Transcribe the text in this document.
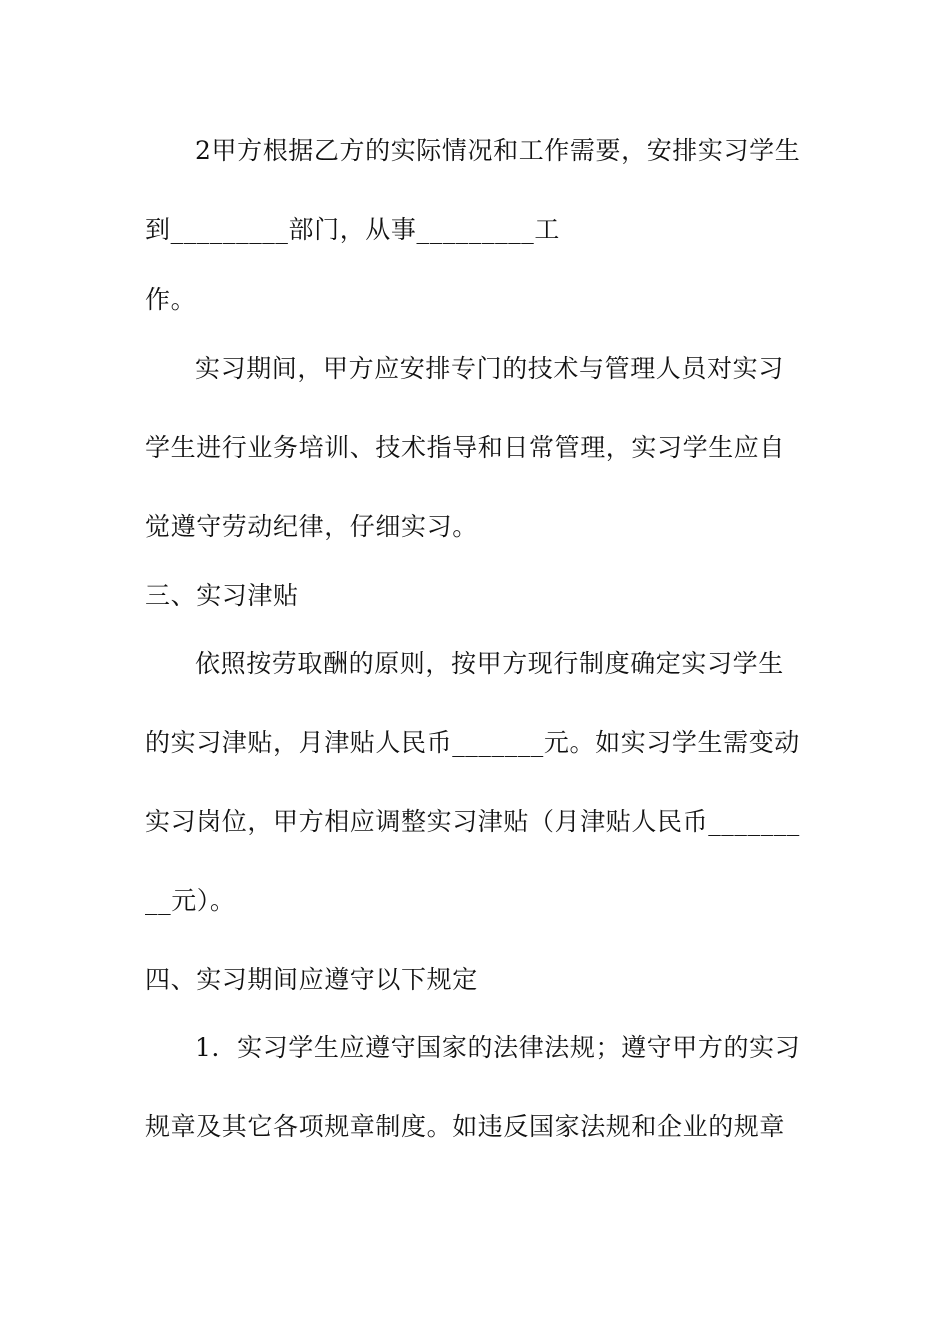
2甲方根据乙方的实际情况和工作需要，安排实习学生
到_________部门，从事_________工
作。
实习期间，甲方应安排专门的技术与管理人员对实习
学生进行业务培训、技术指导和日常管理，实习学生应自
觉遵守劳动纪律，仔细实习。
三、实习津贴
依照按劳取酬的原则，按甲方现行制度确定实习学生
的实习津贴，月津贴人民币_______元。如实习学生需变动
实习岗位，甲方相应调整实习津贴（月津贴人民币_______
__元）。
四、实习期间应遵守以下规定
1．实习学生应遵守国家的法律法规；遵守甲方的实习
规章及其它各项规章制度。如违反国家法规和企业的规章
